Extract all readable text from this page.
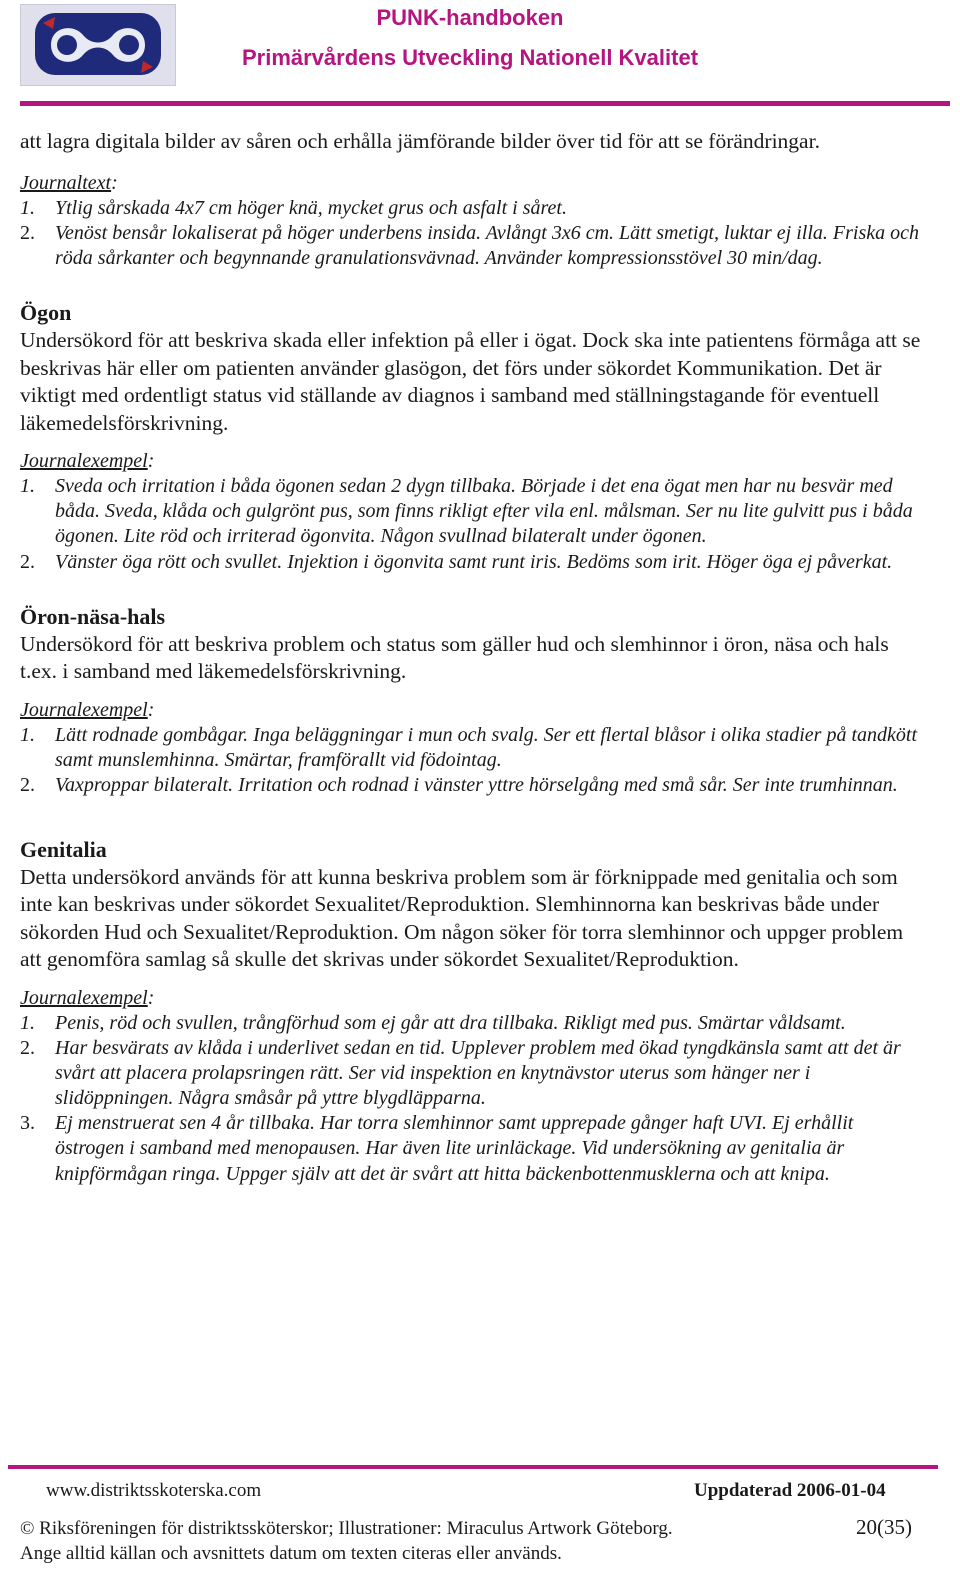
PUNK-handboken
Primärvårdens Utveckling Nationell Kvalitet

att lagra digitala bilder av såren och erhålla jämförande bilder över tid för att se förändringar.

Journaltext:

1. Ytlig sårskada 4x7 cm höger knä, mycket grus och asfalt i såret.
2. Venöst bensår lokaliserat på höger underbens insida. Avlångt 3x6 cm. Lätt smetigt, luktar ej illa. Friska och röda sårkanter och begynnande granulationsvävnad. Använder kompressionsstövel 30 min/dag.
Ögon

Undersökord för att beskriva skada eller infektion på eller i ögat. Dock ska inte patientens förmåga att se beskrivas här eller om patienten använder glasögon, det förs under sökordet Kommunikation. Det är viktigt med ordentligt status vid ställande av diagnos i samband med ställningstagande för eventuell läkemedelsförskrivning.

Journalexempel:

1. Sveda och irritation i båda ögonen sedan 2 dygn tillbaka. Började i det ena ögat men har nu besvär med båda. Sveda, klåda och gulgrönt pus, som finns rikligt efter vila enl. målsman. Ser nu lite gulvitt pus i båda ögonen. Lite röd och irriterad ögonvita. Någon svullnad bilateralt under ögonen.
2. Vänster öga rött och svullet. Injektion i ögonvita samt runt iris. Bedöms som irit. Höger öga ej påverkat.
Öron-näsa-hals

Undersökord för att beskriva problem och status som gäller hud och slemhinnor i öron, näsa och hals t.ex. i samband med läkemedelsförskrivning.

Journalexempel:

1. Lätt rodnade gombågar. Inga beläggningar i mun och svalg. Ser ett flertal blåsor i olika stadier på tandkött samt munslemhinna. Smärtar, framförallt vid födointag.
2. Vaxproppar bilateralt. Irritation och rodnad i vänster yttre hörselgång med små sår. Ser inte trumhinnan.
Genitalia

Detta undersökord används för att kunna beskriva problem som är förknippade med genitalia och som inte kan beskrivas under sökordet Sexualitet/Reproduktion. Slemhinnorna kan beskrivas både under sökorden Hud och Sexualitet/Reproduktion. Om någon söker för torra slemhinnor och uppger problem att genomföra samlag så skulle det skrivas under sökordet Sexualitet/Reproduktion.

Journalexempel:

1. Penis, röd och svullen, trångförhud som ej går att dra tillbaka. Rikligt med pus. Smärtar våldsamt.
2. Har besvärats av klåda i underlivet sedan en tid. Upplever problem med ökad tyngdkänsla samt att det är svårt att placera prolapsringen rätt. Ser vid inspektion en knytnävstor uterus som hänger ner i slidöppningen. Några småsår på yttre blygdläpparna.
3. Ej menstruerat sen 4 år tillbaka. Har torra slemhinnor samt upprepade gånger haft UVI. Ej erhållit östrogen i samband med menopausen. Har även lite urinläckage. Vid undersökning av genitalia är knipförmågan ringa. Uppger själv att det är svårt att hitta bäckenbottenmusklerna och att knipa.
www.distriktsskoterska.com	Uppdaterad 2006-01-04
© Riksföreningen för distriktssköterskor; Illustrationer: Miraculus Artwork Göteborg.	20(35)
Ange alltid källan och avsnittets datum om texten citeras eller används.
